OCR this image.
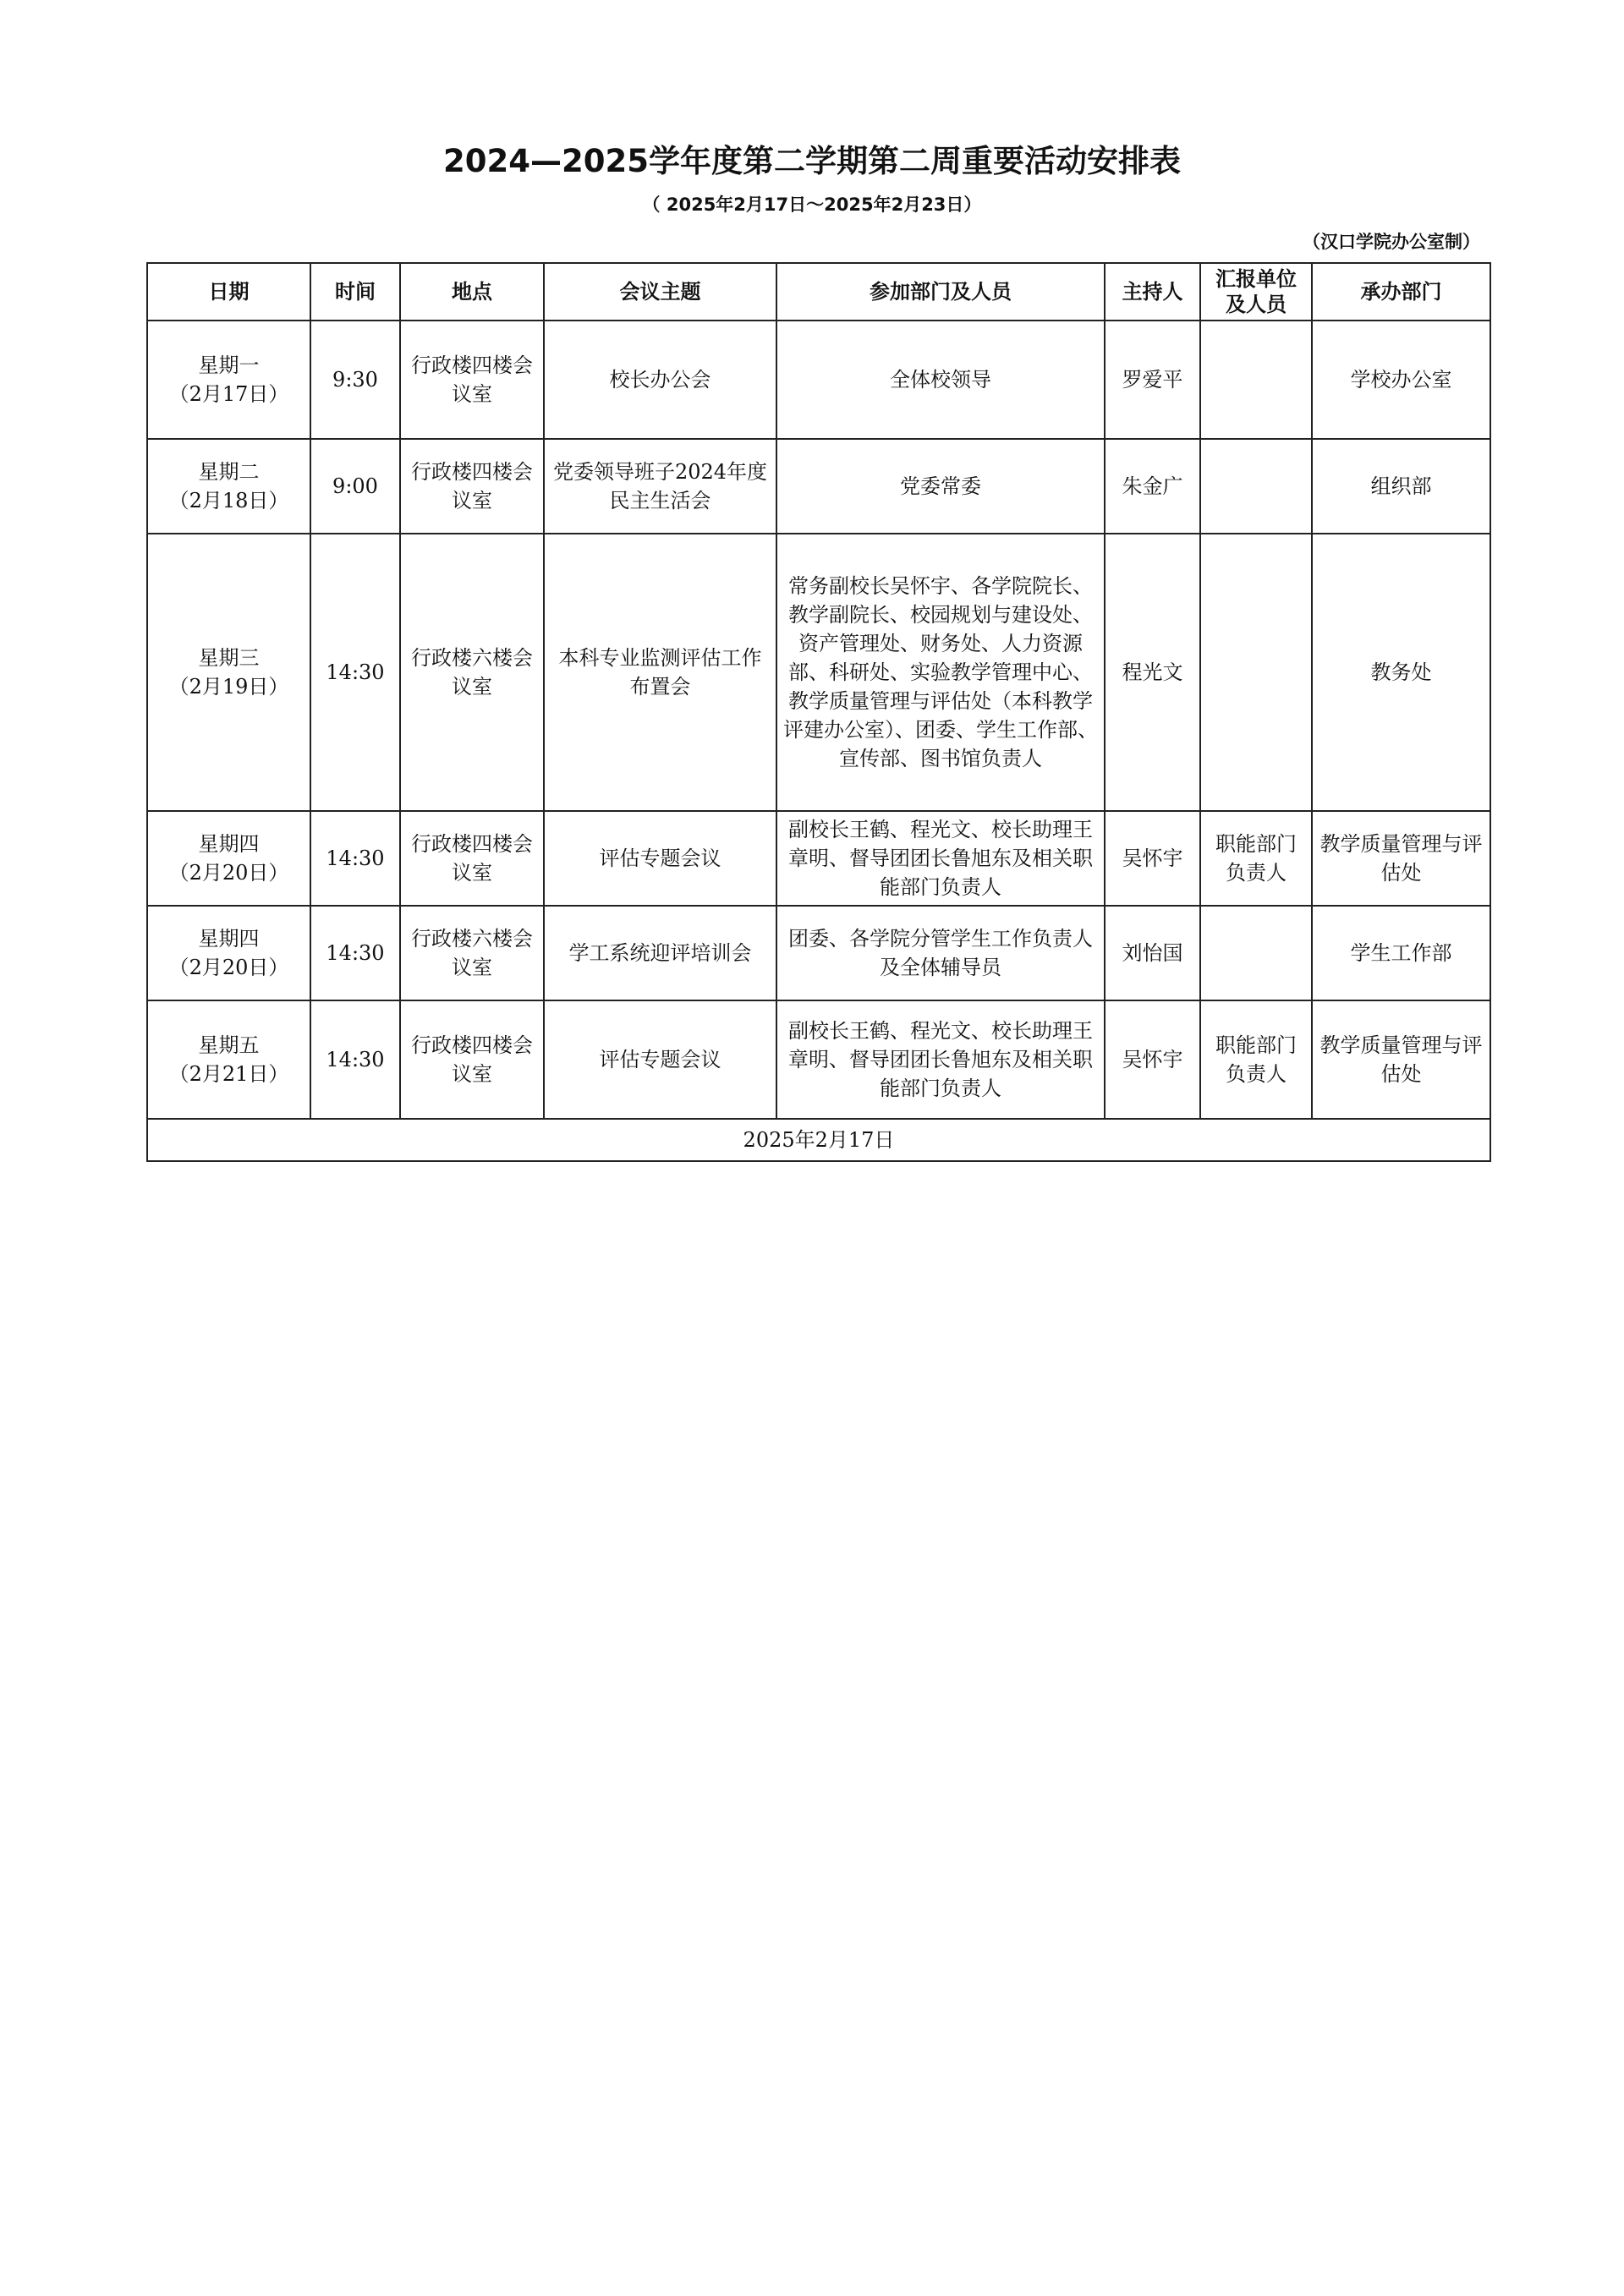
2024—2025学年度第二学期第二周重要活动安排表
（ 2025年2月17日～2025年2月23日）
（汉口学院办公室制）
日期	时间	地点	会议主题	参加部门及人员	主持人	汇报单位及人员	承办部门

星期一
（2月17日）	9:30	行政楼四楼会议室	校长办公会	全体校领导	罗爱平		学校办公室

星期二
（2月18日）	9:00	行政楼四楼会议室	党委领导班子2024年度民主生活会	党委常委	朱金广		组织部

星期三
（2月19日）	14:30	行政楼六楼会议室	本科专业监测评估工作布置会	常务副校长吴怀宇、各学院院长、教学副院长、校园规划与建设处、资产管理处、财务处、人力资源部、科研处、实验教学管理中心、教学质量管理与评估处（本科教学评建办公室）、团委、学生工作部、宣传部、图书馆负责人	程光文		教务处

星期四
（2月20日）	14:30	行政楼四楼会议室	评估专题会议	副校长王鹤、程光文、校长助理王章明、督导团团长鲁旭东及相关职能部门负责人	吴怀宇	职能部门负责人	教学质量管理与评估处

星期四
（2月20日）	14:30	行政楼六楼会议室	学工系统迎评培训会	团委、各学院分管学生工作负责人及全体辅导员	刘怡国		学生工作部

星期五
（2月21日）	14:30	行政楼四楼会议室	评估专题会议	副校长王鹤、程光文、校长助理王章明、督导团团长鲁旭东及相关职能部门负责人	吴怀宇	职能部门负责人	教学质量管理与评估处
2025年2月17日							
